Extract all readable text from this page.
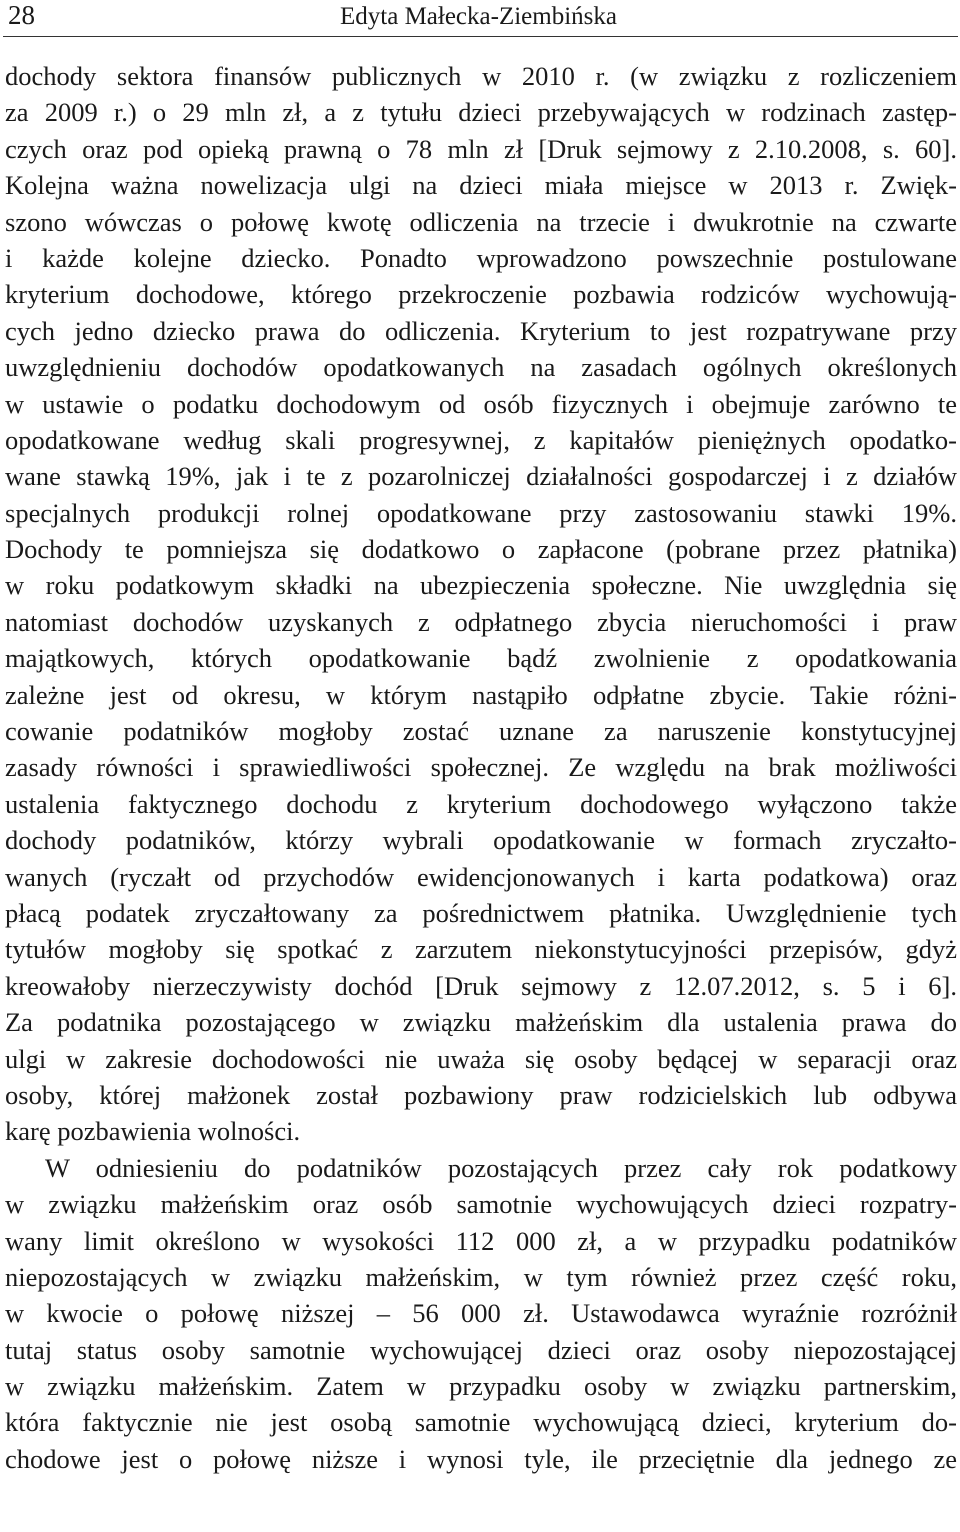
28	Edyta Małecka-Ziembińska
dochody sektora finansów publicznych w 2010 r. (w związku z rozliczeniem
za 2009 r.) o 29 mln zł, a z tytułu dzieci przebywających w rodzinach zastęp-
czych oraz pod opieką prawną o 78 mln zł [Druk sejmowy z 2.10.2008, s. 60].
Kolejna ważna nowelizacja ulgi na dzieci miała miejsce w 2013 r. Zwięk-
szono wówczas o połowę kwotę odliczenia na trzecie i dwukrotnie na czwarte
i każde kolejne dziecko. Ponadto wprowadzono powszechnie postulowane
kryterium dochodowe, którego przekroczenie pozbawia rodziców wychowują-
cych jedno dziecko prawa do odliczenia. Kryterium to jest rozpatrywane przy
uwzględnieniu dochodów opodatkowanych na zasadach ogólnych określonych
w ustawie o podatku dochodowym od osób fizycznych i obejmuje zarówno te
opodatkowane według skali progresywnej, z kapitałów pieniężnych opodatko-
wane stawką 19%, jak i te z pozarolniczej działalności gospodarczej i z działów
specjalnych produkcji rolnej opodatkowane przy zastosowaniu stawki 19%.
Dochody te pomniejsza się dodatkowo o zapłacone (pobrane przez płatnika)
w roku podatkowym składki na ubezpieczenia społeczne. Nie uwzględnia się
natomiast dochodów uzyskanych z odpłatnego zbycia nieruchomości i praw
majątkowych, których opodatkowanie bądź zwolnienie z opodatkowania
zależne jest od okresu, w którym nastąpiło odpłatne zbycie. Takie różni-
cowanie podatników mogłoby zostać uznane za naruszenie konstytucyjnej
zasady równości i sprawiedliwości społecznej. Ze względu na brak możliwości
ustalenia faktycznego dochodu z kryterium dochodowego wyłączono także
dochody podatników, którzy wybrali opodatkowanie w formach zryczałto-
wanych (ryczałt od przychodów ewidencjonowanych i karta podatkowa) oraz
płacą podatek zryczałtowany za pośrednictwem płatnika. Uwzględnienie tych
tytułów mogłoby się spotkać z zarzutem niekonstytucyjności przepisów, gdyż
kreowałoby nierzeczywisty dochód [Druk sejmowy z 12.07.2012, s. 5 i 6].
Za podatnika pozostającego w związku małżeńskim dla ustalenia prawa do
ulgi w zakresie dochodowości nie uważa się osoby będącej w separacji oraz
osoby, której małżonek został pozbawiony praw rodzicielskich lub odbywa
karę pozbawienia wolności.
W odniesieniu do podatników pozostających przez cały rok podatkowy
w związku małżeńskim oraz osób samotnie wychowujących dzieci rozpatry-
wany limit określono w wysokości 112 000 zł, a w przypadku podatników
niepozostających w związku małżeńskim, w tym również przez część roku,
w kwocie o połowę niższej – 56 000 zł. Ustawodawca wyraźnie rozróżnił
tutaj status osoby samotnie wychowującej dzieci oraz osoby niepozostającej
w związku małżeńskim. Zatem w przypadku osoby w związku partnerskim,
która faktycznie nie jest osobą samotnie wychowującą dzieci, kryterium do-
chodowe jest o połowę niższe i wynosi tyle, ile przeciętnie dla jednego ze
